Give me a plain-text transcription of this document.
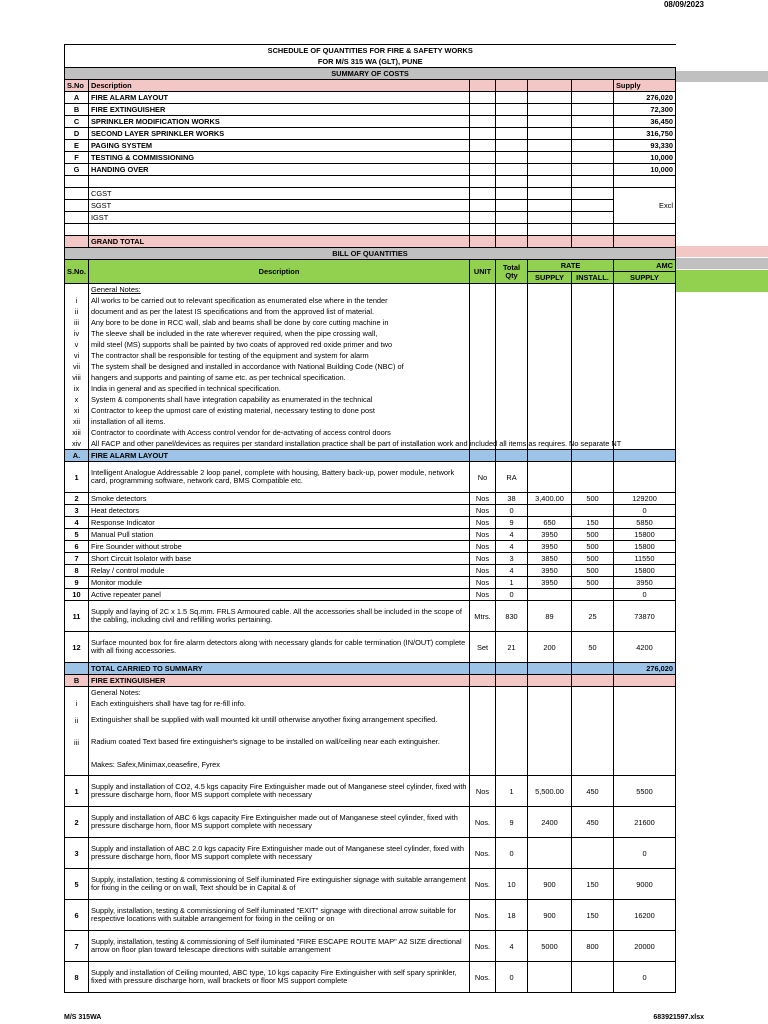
08/09/2023
SCHEDULE OF QUANTITIES FOR FIRE & SAFETY WORKS						
FOR M/S 315 WA (GLT), PUNE						
SUMMARY OF COSTS						
S.No	Description					Supply
A	FIRE ALARM LAYOUT					276,020
B	FIRE EXTINGUISHER					72,300
C	SPRINKLER MODIFICATION WORKS					36,450
D	SECOND LAYER SPRINKLER WORKS					316,750
E	PAGING SYSTEM					93,330
F	TESTING & COMMISSIONING					10,000
G	HANDING OVER					10,000

	CGST					Excl
	SGST					
	IGST					

	GRAND TOTAL					
BILL OF QUANTITIES						
S.No.	Description	UNIT	Total Qty	RATE		AMC
				SUPPLY	INSTALL.	SUPPLY
	General Notes:					
i	All works to be carried out to relevant specification as enumerated else where in the tender					
ii	document and as per the latest IS specifications and from the approved list of material.					
iii	Any bore to be done in RCC wall, slab and beams shall be done by core cutting machine in					
iv	The sleeve shall be included in the rate wherever required, when the pipe crossing wall,					
v	mild steel (MS) supports shall be painted by two coats of approved red oxide primer and two					
vi	The contractor shall be responsible for testing of the equipment and system for alarm					
vii	The system shall be designed and installed in accordance with National Building Code (NBC) of					
viii	hangers and supports and painting of same etc. as per technical specification.					
ix	India in general and as specified in technical specification.					
x	System & components shall have integration capability as enumerated in the technical					
xi	Contractor to keep the upmost care of existing material, necessary testing to done post					
xii	installation of all items.					
xiii	Contractor to coordinate with Access control vendor for de-actvating of access control doors					
xiv	All FACP and other panel/devices as requires per standard installation practice shall be part of installation work and included all items as requires. No separate NT					
A.	FIRE ALARM LAYOUT					
1	Intelligent Analogue Addressable 2 loop panel, complete with housing, Battery back-up, power module, network card, programming software, network card, BMS Compatible etc.	No	RA			
2	Smoke detectors	Nos	38	3,400.00	500	129200
3	Heat detectors	Nos	0			0
4	Response Indicator	Nos	9	650	150	5850
5	Manual Pull station	Nos	4	3950	500	15800
6	Fire Sounder without strobe	Nos	4	3950	500	15800
7	Short Circuit Isolator with base	Nos	3	3850	500	11550
8	Relay / control module	Nos	4	3950	500	15800
9	Monitor module	Nos	1	3950	500	3950
10	Active repeater panel	Nos	0			0
11	Supply and laying of 2C x 1.5 Sq.mm. FRLS Armoured cable. All the accessories shall be included in the scope of the cabling, including civil and refilling works pertaining.	Mtrs.	830	89	25	73870
12	Surface mounted box for fire alarm detectors along with necessary glands for cable termination (IN/OUT) complete with all fixing accessories.	Set	21	200	50	4200
	TOTAL CARRIED TO SUMMARY					276,020
B	FIRE EXTINGUISHER					
	General Notes:					
i	Each extinguishers shall have tag for re-fill info.					
ii	Extinguisher shall be supplied with wall mounted kit untill otherwise anyother fixing arrangement specified.					
iii	Radium coated Text based fire extinguisher's signage to be installed on wall/ceiling near each extinguisher.					
	Makes: Safex,Minimax,ceasefire, Fyrex					
1	Supply and installation of CO2, 4.5 kgs capacity Fire Extinguisher made out of Manganese steel cylinder, fixed with pressure discharge horn, floor MS support complete with necessary	Nos	1	5,500.00	450	5500
2	Supply and installation of ABC 6 kgs capacity Fire Extinguisher made out of Manganese steel cylinder, fixed with pressure discharge horn, floor MS support complete with necessary	Nos.	9	2400	450	21600
3	Supply and installation of ABC 2.0 kgs capacity Fire Extinguisher made out of Manganese steel cylinder, fixed with pressure discharge horn, floor MS support complete with necessary	Nos.	0			0
5	Supply, installation, testing & commissioning of Self iluminated Fire extinguisher signage with suitable arrangement for fixing in the ceiling or on wall, Text should be in Capital & of	Nos.	10	900	150	9000
6	Supply, installation, testing & commissioning of Self iluminated "EXIT" signage with directional arrow suitable for respective locations with suitable arrangement for fixing in the ceiling or on	Nos.	18	900	150	16200
7	Supply, installation, testing & commissioning of Self iluminated "FIRE ESCAPE ROUTE MAP" A2 SIZE directional arrow on floor plan toward telescape directions with suitable arrangement	Nos.	4	5000	800	20000
8	Supply and installation of Ceiling mounted, ABC type, 10 kgs capacity Fire Extinguisher with self spary sprinkler, fixed with pressure discharge horn, wall brackets or floor MS support complete	Nos.	0			0
M/S 315WA	683921597.xlsx
